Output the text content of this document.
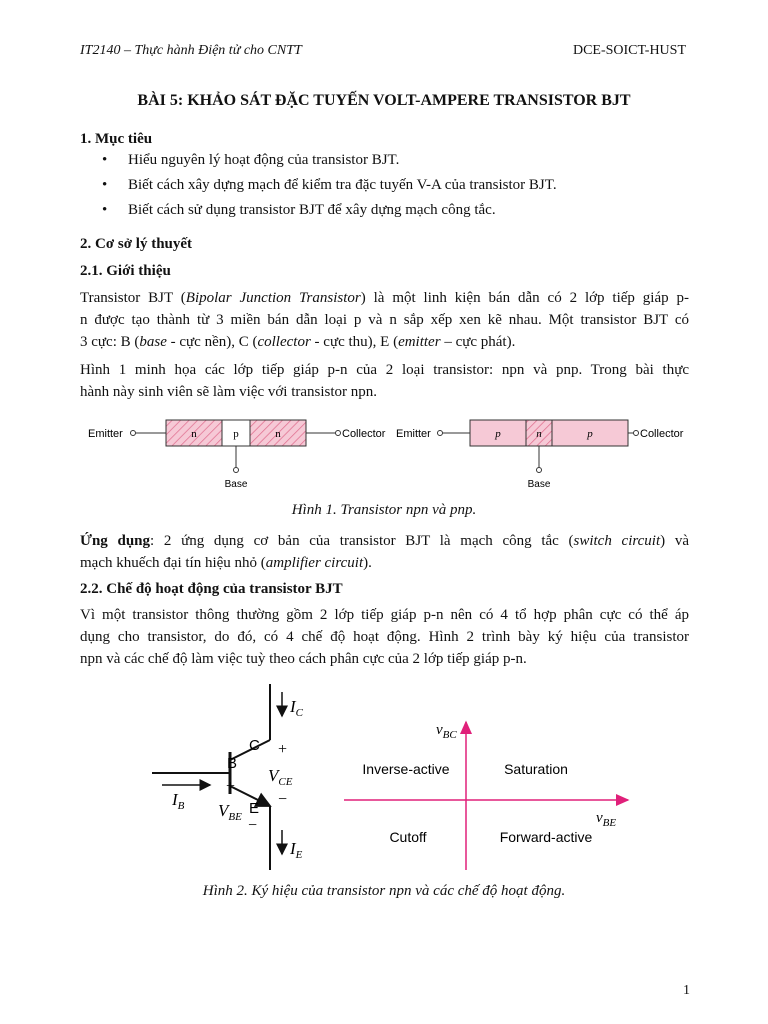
IT2140 – Thực hành Điện tử cho CNTT	DCE-SOICT-HUST
BÀI 5: KHẢO SÁT ĐẶC TUYẾN VOLT-AMPERE TRANSISTOR BJT
1. Mục tiêu
• Hiểu nguyên lý hoạt động của transistor BJT.
• Biết cách xây dựng mạch để kiểm tra đặc tuyến V-A của transistor BJT.
• Biết cách sử dụng transistor BJT để xây dựng mạch công tắc.
2. Cơ sở lý thuyết
2.1. Giới thiệu
Transistor BJT (Bipolar Junction Transistor) là một linh kiện bán dẫn có 2 lớp tiếp giáp p-
n được tạo thành từ 3 miền bán dẫn loại p và n sắp xếp xen kẽ nhau. Một transistor BJT có
3 cực: B (base - cực nền), C (collector - cực thu), E (emitter – cực phát).
Hình 1 minh họa các lớp tiếp giáp p-n của 2 loại transistor: npn và pnp. Trong bài thực
hành này sinh viên sẽ làm việc với transistor npn.
Emitter	n	p	n	Collector
Base
Emitter	p	n	p	Collector
Base
Hình 1. Transistor npn và pnp.
Ứng dụng: 2 ứng dụng cơ bản của transistor BJT là mạch công tắc (switch circuit) và
mạch khuếch đại tín hiệu nhỏ (amplifier circuit).
2.2. Chế độ hoạt động của transistor BJT
Vì một transistor thông thường gồm 2 lớp tiếp giáp p-n nên có 4 tổ hợp phân cực có thể áp
dụng cho transistor, do đó, có 4 chế độ hoạt động. Hình 2 trình bày ký hiệu của transistor
npn và các chế độ làm việc tuỳ theo cách phân cực của 2 lớp tiếp giáp p-n.
$I_C$
$I_E$
C
B
E
+
$V_{CE}$
−
$I_B$
+
$V_{BE}$ −
$v_{BC}$
$v_{BE}$
Inverse-active	Saturation
Cutoff	Forward-active
Hình 2. Ký hiệu của transistor npn và các chế độ hoạt động.
1
